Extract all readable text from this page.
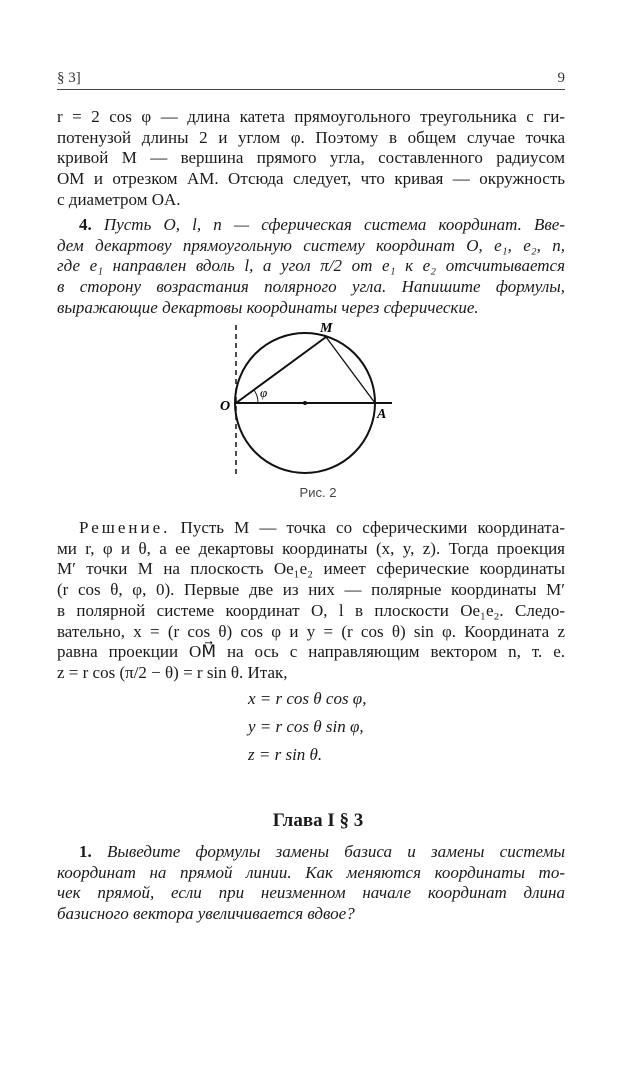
§ 3]	9
r = 2 cos φ — длина катета прямоугольного треугольника с ги-
потенузой длины 2 и углом φ. Поэтому в общем случае точка
кривой M — вершина прямого угла, составленного радиусом
OM и отрезком AM. Отсюда следует, что кривая — окружность
с диаметром OA.
4. Пусть O, l, n — сферическая система координат. Вве-
дем декартову прямоугольную систему координат O, e₁, e₂, n,
где e₁ направлен вдоль l, а угол π/2 от e₁ к e₂ отсчитывается
в сторону возрастания полярного угла. Напишите формулы,
выражающие декартовы координаты через сферические.
M
O
A
φ
Рис. 2
Решение. Пусть M — точка со сферическими координата-
ми r, φ и θ, а ее декартовы координаты (x, y, z). Тогда проекция
M′ точки M на плоскость Oe₁e₂ имеет сферические координаты
(r cos θ, φ, 0). Первые две из них — полярные координаты M′
в полярной системе координат O, l в плоскости Oe₁e₂. Следо-
вательно, x = (r cos θ) cos φ и y = (r cos θ) sin φ. Координата z
равна проекции OM⃗ на ось с направляющим вектором n, т. е.
z = r cos (π/2 − θ) = r sin θ. Итак,
x = r cos θ cos φ,
y = r cos θ sin φ,
z = r sin θ.
Глава I § 3
1. Выведите формулы замены базиса и замены системы
координат на прямой линии. Как меняются координаты то-
чек прямой, если при неизменном начале координат длина
базисного вектора увеличивается вдвое?
